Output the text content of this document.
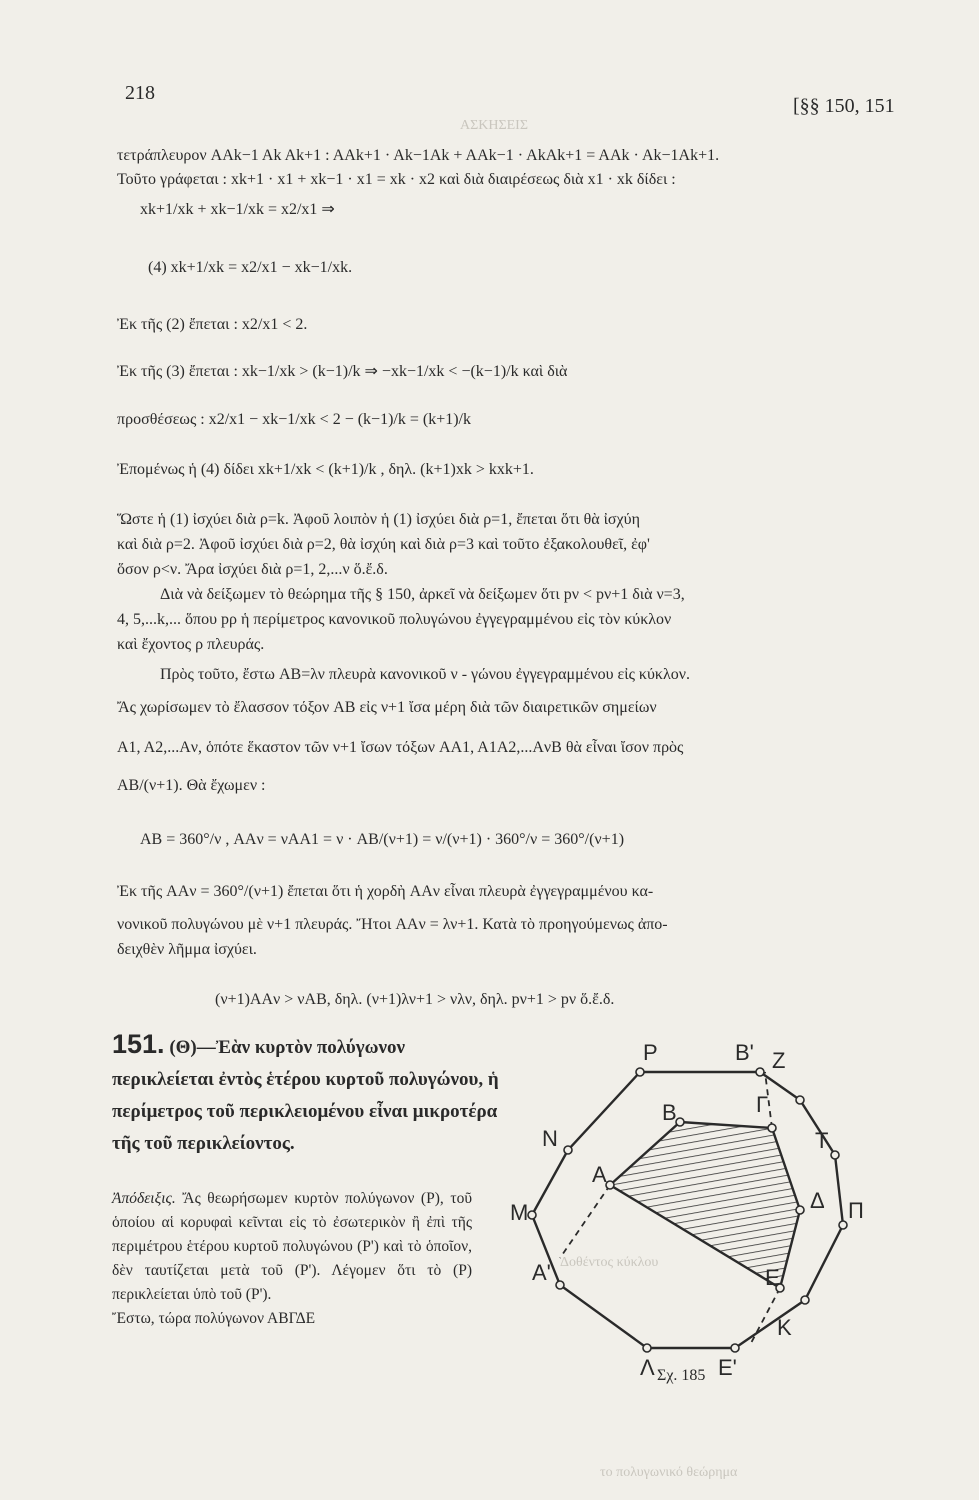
ΑΣΚΗΣΕΙΣ
Δοθέντος κύκλου
το πολυγωνικό θεώρημα
218
[§§ 150, 151
τετράπλευρον AAk−1 Ak Ak+1 : AAk+1 · Ak−1Ak + AAk−1 · AkAk+1 = AAk · Ak−1Ak+1.
Τοῦτο γράφεται : xk+1 · x1 + xk−1 · x1 = xk · x2 καὶ διὰ διαιρέσεως διὰ x1 · xk δίδει :
xk+1/xk + xk−1/xk = x2/x1 ⇒
(4) xk+1/xk = x2/x1 − xk−1/xk.
Ἐκ τῆς (2) ἔπεται : x2/x1 < 2.
Ἐκ τῆς (3) ἔπεται : xk−1/xk > (k−1)/k ⇒ −xk−1/xk < −(k−1)/k καὶ διὰ
προσθέσεως : x2/x1 − xk−1/xk < 2 − (k−1)/k = (k+1)/k
Ἐπομένως ἡ (4) δίδει xk+1/xk < (k+1)/k , δηλ. (k+1)xk > kxk+1.
Ὥστε ἡ (1) ἰσχύει διὰ ρ=k. Ἀφοῦ λοιπὸν ἡ (1) ἰσχύει διὰ ρ=1, ἔπεται ὅτι θὰ ἰσχύη
καὶ διὰ ρ=2. Ἀφοῦ ἰσχύει διὰ ρ=2, θὰ ἰσχύη καὶ διὰ ρ=3 καὶ τοῦτο ἐξακολουθεῖ, ἐφ'
ὅσον ρ<ν. Ἄρα ἰσχύει διὰ ρ=1, 2,...ν ὅ.ἔ.δ.
Διὰ νὰ δείξωμεν τὸ θεώρημα τῆς § 150, ἀρκεῖ νὰ δείξωμεν ὅτι pν < pν+1 διὰ ν=3,
4, 5,...k,... ὅπου pρ ἡ περίμετρος κανονικοῦ πολυγώνου ἐγγεγραμμένου εἰς τὸν κύκλον
καὶ ἔχοντος ρ πλευράς.
Πρὸς τοῦτο, ἔστω AB=λν πλευρὰ κανονικοῦ ν - γώνου ἐγγεγραμμένου εἰς κύκλον.
Ἄς χωρίσωμεν τὸ ἔλασσον τόξον AB εἰς ν+1 ἴσα μέρη διὰ τῶν διαιρετικῶν σημείων
A1, A2,...Aν, ὁπότε ἕκαστον τῶν ν+1 ἴσων τόξων AA1, A1A2,...AνB θὰ εἶναι ἴσον πρὸς
AB/(ν+1). Θὰ ἔχωμεν :
AB = 360°/ν , AAν = νAA1 = ν · AB/(ν+1) = ν/(ν+1) · 360°/ν = 360°/(ν+1)
Ἐκ τῆς AAν = 360°/(ν+1) ἔπεται ὅτι ἡ χορδὴ AAν εἶναι πλευρὰ ἐγγεγραμμένου κα-
νονικοῦ πολυγώνου μὲ ν+1 πλευράς. Ἤτοι AAν = λν+1. Κατὰ τὸ προηγούμενως ἀπο-
δειχθὲν λῆμμα ἰσχύει.
(ν+1)AAν > νAB, δηλ. (ν+1)λν+1 > νλν, δηλ. pν+1 > pν ὅ.ἔ.δ.
151. (Θ)—Ἐὰν κυρτὸν πολύγωνον περικλείεται ἐντὸς ἑτέρου κυρτοῦ πολυγώνου, ἡ περίμετρος τοῦ περικλειομένου εἶναι μικροτέρα τῆς τοῦ περικλείοντος.
Ἀπόδειξις. Ἄς θεωρήσωμεν κυρτὸν πολύγωνον (P), τοῦ ὁποίου αἱ κορυφαὶ κεῖνται εἰς τὸ ἐσωτερικὸν ἢ ἐπὶ τῆς περιμέτρου ἑτέρου κυρτοῦ πολυγώνου (P') καὶ τὸ ὁποῖον, δὲν ταυτίζεται μετὰ τοῦ (P'). Λέγομεν ὅτι τὸ (P) περικλείεται ὑπὸ τοῦ (P').
Ἔστω, τώρα πολύγωνον ΑΒΓΔΕ
Ρ	Β' Ζ
Ν
Β	Γ
Τ
Α
Δ Π
Μ
Α'	Ε
Λ	Ε'
Κ
Σχ. 185
